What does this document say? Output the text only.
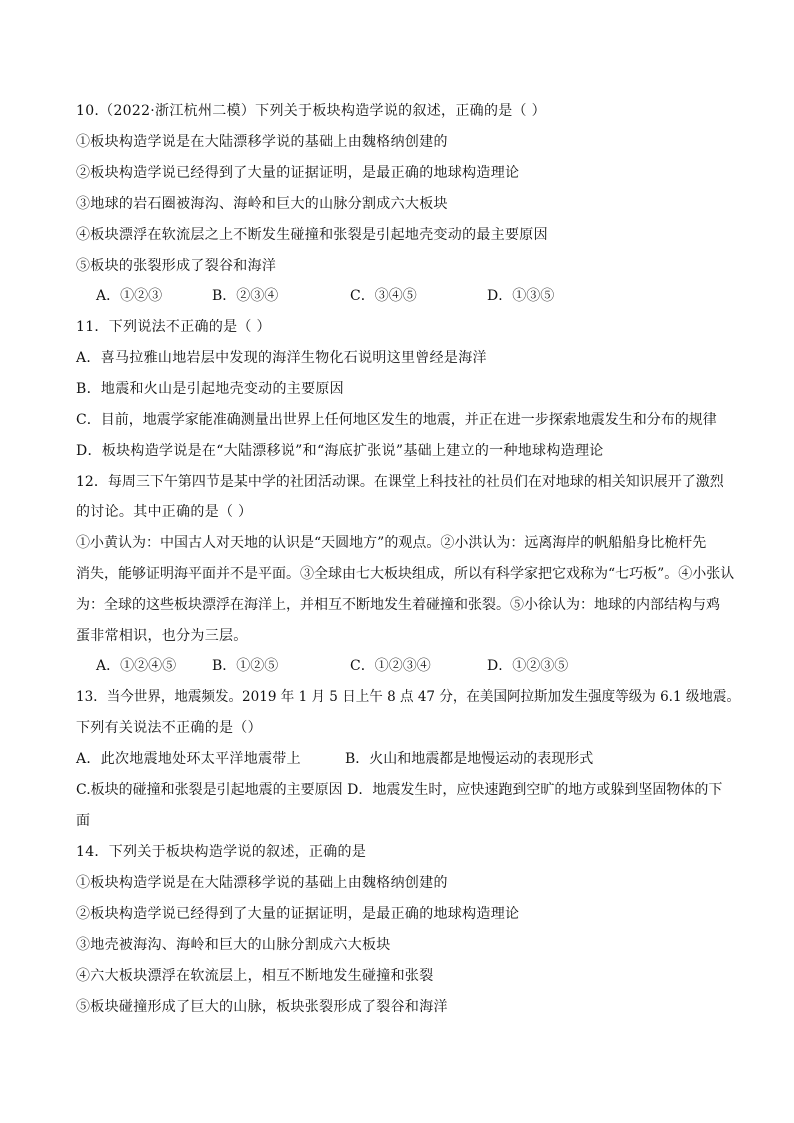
10.（2022·浙江杭州二模）下列关于板块构造学说的叙述，正确的是（ ）
①板块构造学说是在大陆漂移学说的基础上由魏格纳创建的
②板块构造学说已经得到了大量的证据证明，是最正确的地球构造理论
③地球的岩石圈被海沟、海岭和巨大的山脉分割成六大板块
④板块漂浮在软流层之上不断发生碰撞和张裂是引起地壳变动的最主要原因
⑤板块的张裂形成了裂谷和海洋
A．①②③	B．②③④	C．③④⑤	D．①③⑤
11．下列说法不正确的是（ ）
A．喜马拉雅山地岩层中发现的海洋生物化石说明这里曾经是海洋
B．地震和火山是引起地壳变动的主要原因
C．目前，地震学家能准确测量出世界上任何地区发生的地震，并正在进一步探索地震发生和分布的规律
D．板块构造学说是在“大陆漂移说”和“海底扩张说”基础上建立的一种地球构造理论
12．每周三下午第四节是某中学的社团活动课。在课堂上科技社的社员们在对地球的相关知识展开了激烈
的讨论。其中正确的是（ ）
①小黄认为：中国古人对天地的认识是“天圆地方”的观点。②小洪认为：远离海岸的帆船船身比桅杆先
消失，能够证明海平面并不是平面。③全球由七大板块组成，所以有科学家把它戏称为“七巧板”。④小张认
为：全球的这些板块漂浮在海洋上，并相互不断地发生着碰撞和张裂。⑤小徐认为：地球的内部结构与鸡
蛋非常相识，也分为三层。
A．①②④⑤	B．①②⑤	C．①②③④	D．①②③⑤
13．当今世界，地震频发。2019 年 1 月 5 日上午 8 点 47 分，在美国阿拉斯加发生强度等级为 6.1 级地震。
下列有关说法不正确的是（）
A．此次地震地处环太平洋地震带上	B．火山和地震都是地慢运动的表现形式
C.板块的碰撞和张裂是引起地震的主要原因 D．地震发生时，应快速跑到空旷的地方或躲到坚固物体的下
面
14．下列关于板块构造学说的叙述，正确的是
①板块构造学说是在大陆漂移学说的基础上由魏格纳创建的
②板块构造学说已经得到了大量的证据证明，是最正确的地球构造理论
③地壳被海沟、海岭和巨大的山脉分割成六大板块
④六大板块漂浮在软流层上，相互不断地发生碰撞和张裂
⑤板块碰撞形成了巨大的山脉，板块张裂形成了裂谷和海洋
